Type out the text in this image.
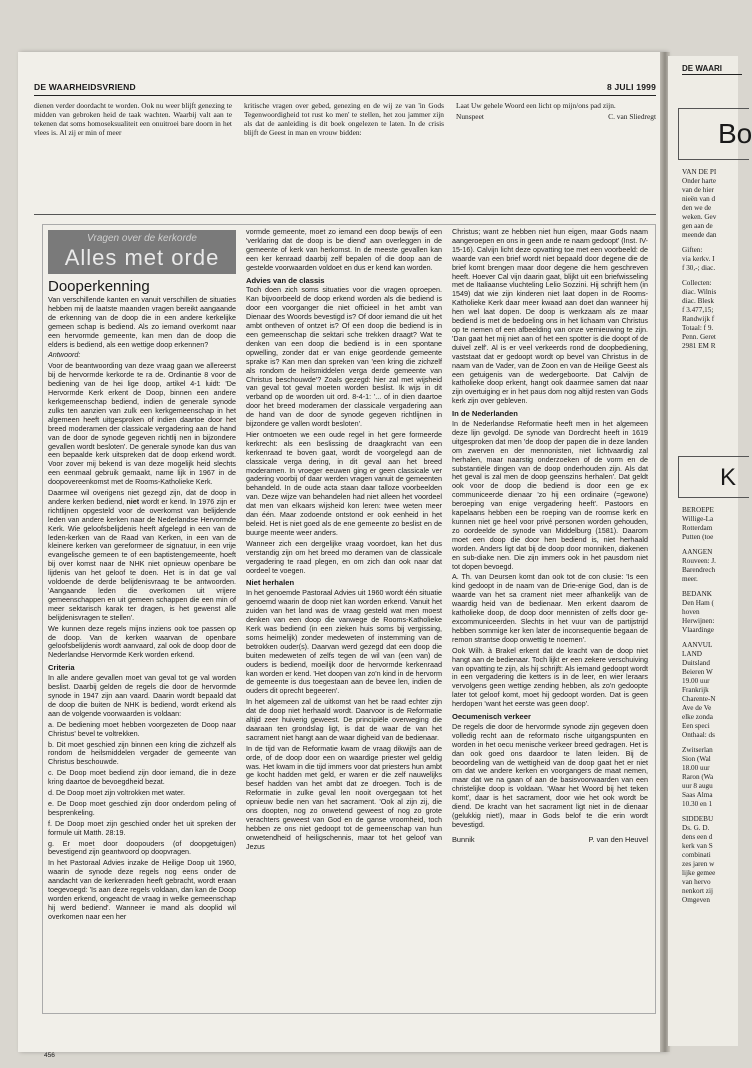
DE WAARHEIDSVRIEND	8 JULI 1999

dienen verder doordacht te worden. Ook nu weer blijft genezing te midden van gebroken heid de taak wachten. Waarbij valt aan te tekenen dat soms homoseksualiteit een onuitroei bare doorn in het vlees is. Al zij er min of meer

kritische vragen over gebed, genezing en de wij ze van 'in Gods Tegenwoordigheid tot rust ko men' te stellen, het zou jammer zijn als dat de aanleiding is dit boek ongelezen te laten. In de crisis blijft de Geest in man en vrouw bidden:

Laat Uw gehele Woord een licht op mijn/ons pad zijn.

Nunspeet	C. van Sliedregt
Vragen over de kerkorde
Alles met orde
Dooperkenning

Van verschillende kanten en vanuit verschillen de situaties hebben mij de laatste maanden vragen bereikt aangaande de erkenning van de doop die in een andere kerkelijke gemeen schap is bediend. Als zo iemand overkomt naar een hervormde gemeente, kan men dan de doop die elders is bediend, als een wettige doop erkennen?

Antwoord:

Voor de beantwoording van deze vraag gaan we allereerst bij de hervormde kerkorde te ra de. Ordinantie 8 voor de bediening van de hei lige doop, artikel 4-1 luidt: 'De Hervormde Kerk erkent de Doop, binnen een andere kerkgemeenschap bediend, indien de generale synode zulks ten aanzien van zulk een kerkgemeenschap in het algemeen heeft uitgesproken of indien daartoe door het breed moderamen der classicale vergadering aan de hand van de door de synode gegeven richtlij nen in bijzondere gevallen wordt besloten'. De generale synode kan dus van een bepaalde kerk uitspreken dat de doop erkend wordt. Voor zover mij bekend is van deze mogelijk heid slechts een eenmaal gebruik gemaakt, name lijk in 1967 in de doopovereenkomst met de Rooms-Katholieke Kerk.

Daarmee wil overigens niet gezegd zijn, dat de doop in andere kerken bediend, niet wordt er kend. In 1976 zijn er richtlijnen opgesteld voor de overkomst van belijdende leden van andere kerken naar de Nederlandse Hervormde Kerk. Wie geloofsbelijdenis heeft afgelegd in een van de leden-kerken van de Raad van Kerken, in een van de kleinere kerken van gereformeer de signatuur, in een vrije evangelische gemeen te of een baptistengemeente, hoeft bij over komst naar de NHK niet opnieuw openbare be lijdenis van het geloof te doen. Het is in dat ge val voldoende de derde belijdenisvraag te be antwoorden. 'Aangaande leden die overkomen uit vrijere gemeenschappen en uit gemeen schappen die een min of meer sektarisch karak ter dragen, is het gewenst alle belijdenisvragen te stellen'.

We kunnen deze regels mijns inziens ook toe passen op de doop. Van de kerken waarvan de openbare geloofsbelijdenis wordt aanvaard, zal ook de doop door de Nederlandse Hervormde Kerk worden erkend.

Criteria

In alle andere gevallen moet van geval tot ge val worden beslist. Daarbij gelden de regels die door de hervormde synode in 1947 zijn aan vaard. Daarin wordt bepaald dat de doop die buiten de NHK is bediend, wordt erkend als aan de volgende voorwaarden is voldaan:

a. De bediening moet hebben voorgezeten de Doop naar Christus' bevel te voltrekken.

b. Dit moet geschied zijn binnen een kring die zichzelf als rondom de heilsmiddelen vergader de gemeente van Christus beschouwde.

c. De Doop moet bediend zijn door iemand, die in deze kring daartoe de bevoegdheid bezat.

d. De Doop moet zijn voltrokken met water.

e. De Doop moet geschied zijn door onderdom peling of besprenkeling.

f. De Doop moet zijn geschied onder het uit spreken der formule uit Matth. 28:19.

g. Er moet door doopouders (of doopgetuigen) bevestigend zijn geantwoord op doopvragen.

In het Pastoraal Advies inzake de Heilige Doop uit 1960, waarin de synode deze regels nog eens onder de aandacht van de kerkenraden heeft gebracht, wordt eraan toegevoegd: 'Is aan deze regels voldaan, dan kan de Doop worden erkend, ongeacht de vraag in welke gemeenschap hij werd bediend'. Wanneer ie mand als dooplid wil overkomen naar een her

vormde gemeente, moet zo iemand een doop bewijs of een 'verklaring dat de doop is be diend' aan overleggen in de gemeente of kerk van herkomst. In de meeste gevallen kan een ker kenraad daarbij zelf bepalen of die doop aan de gestelde voorwaarden voldoet en dus er kend kan worden.

Advies van de classis

Toch doen zich soms situaties voor die vragen oproepen. Kan bijvoorbeeld de doop erkend worden als die bediend is door een voorganger die niet officieel in het ambt van Dienaar des Woords bevestigd is? Of door iemand die uit het ambt ontheven of ontzet is? Of een doop die bediend is in een gemeenschap die sektari sche trekken draagt? Wat te denken van een doop die bediend is in een spontane opwelling, zonder dat er van enige geordende gemeente sprake is? Kan men dan spreken van 'een kring die zichzelf als rondom de heilsmiddelen verga derde gemeente van Christus beschouwde'? Zoals gezegd: hier zal met wijsheid van geval tot geval moeten worden beslist. Ik wijs in dit verband op de woorden uit ord. 8-4-1: '... of in dien daartoe door het breed moderamen der classicale vergadering aan de hand van de door de synode gegeven richtlijnen in bijzondere ge vallen wordt besloten'.

Hier ontmoeten we een oude regel in het gere formeerde kerkrecht: als een beslissing de draagkracht van een kerkenraad te boven gaat, wordt de voorgelegd aan de classicale verga dering, in dit geval aan het breed moderamen. In vroeger eeuwen ging er geen classicale ver gadering voorbij of daar werden vragen vanuit de gemeenten behandeld. In de oude acta staan daar talloze voorbeelden van. Deze wijze van behandelen had niet alleen het voordeel dat men van elkaars wijsheid kon leren: twee weten meer dan één. Maar zodoende ontstond er ook eenheid in het beleid. Het is niet goed als de ene gemeente zo beslist en de buurge meente weer anders.

Wanneer zich een dergelijke vraag voordoet, kan het dus verstandig zijn om het breed mo deramen van de classicale vergadering te raad plegen, en om zich dan ook naar dat oordeel te voegen.

Niet herhalen

In het genoemde Pastoraal Advies uit 1960 wordt één situatie genoemd waarin de doop niet kan worden erkend. Vanuit het zuiden van het land was de vraag gesteld wat men moest denken van een doop die vanwege de Rooms-Katholieke Kerk was bediend (in een zieken huis soms bij vergissing, soms heimelijk) zonder medeweten of instemming van de betrokken ouder(s). Daarvan werd gezegd dat een doop die buiten medeweten of zelfs tegen de wil van (een van) de ouders is bediend, moeilijk door de hervormde kerkenraad kan worden er kend. 'Het doopen van zo'n kind in de hervorm de gemeente is dus toegestaan aan de bevee len, indien de ouders dit oprecht begeeren'.

In het algemeen zal de uitkomst van het be raad echter zijn dat de doop niet herhaald wordt. Daarvoor is de Reformatie altijd zeer huiverig geweest. De principiële overweging die daaraan ten grondslag ligt, is dat de waar de van het sacrament niet hangt aan de waar digheid van de bedienaar.

In de tijd van de Reformatie kwam de vraag dikwijls aan de orde, of de doop door een on waardige priester wel geldig was. Het kwam in die tijd immers voor dat priesters hun ambt ge kocht hadden met geld, er waren er die zelf nauwelijks besef hadden van het ambt dat ze droegen. Toch is de Reformatie in zulke geval len nooit overgegaan tot het opnieuw bedie nen van het sacrament. 'Ook al zijn zij, die ons doopten, nog zo onwetend geweest of nog zo grote verachters geweest van God en de ganse vroomheid, toch hebben ze ons niet gedoopt tot de gemeenschap van hun onwetendheid of heiligschennis, maar tot het geloof van Jezus

Christus; want ze hebben niet hun eigen, maar Gods naam aangeroepen en ons in geen ande re naam gedoopt' (Inst. IV-15-16). Calvijn licht deze opvatting toe met een voorbeeld: de waarde van een brief wordt niet bepaald door degene die de brief komt brengen maar door degene die hem geschreven heeft. Hoever Cal vijn daarin gaat, blijkt uit een briefwisseling met de Italiaanse vluchteling Lelio Sozzini. Hij schrijft hem (in 1549) dat wie zijn kinderen niet laat dopen in de Rooms-Katholieke Kerk daar meer kwaad aan doet dan wanneer hij hen wel laat dopen. De doop is werkzaam als ze maar bediend is met de bedoeling ons in het lichaam van Christus op te nemen of een afbeelding van onze vernieuwing te zijn. 'Dan gaat het mij niet aan of het een spotter is die doopt of de duivel zelf'. Al is er veel verkeerds rond de doopbediening, vaststaat dat er gedoopt wordt op bevel van Christus in de naam van de Vader, van de Zoon en van de Heilige Geest als een getuigenis van de wedergeboorte. Dat Calvijn de katholieke doop erkent, hangt ook daarmee samen dat naar zijn overtuiging er in het paus dom nog altijd resten van Gods kerk zijn over gebleven.

In de Nederlanden

In de Nederlandse Reformatie heeft men in het algemeen deze lijn gevolgd. De synode van Dordrecht heeft in 1619 uitgesproken dat men 'de doop der papen die in deze landen om zwerven en der mennonisten, niet lichtvaardig zal herhalen, maar naarstig onderzoeken of de vorm en de substantiële dingen van de doop onderhouden zijn. Als dat het geval is zal men de doop geenszins herhalen'. Dat geldt ook voor de doop die bediend is door een ge ex communiceerde dienaar 'zo hij een ordinaire (=gewone) beroeping van enige vergadering heeft'. Pastoors en kapelaans hebben een be roeping van de roomse kerk en kunnen niet ge heel voor privé personen worden gehouden, zo oordeelde de synode van Middelburg (1581). Daarom moet een doop die door hen bediend is, niet herhaald worden. Anders ligt dat bij de doop door monniken, diakenen en sub-diake nen. Die zijn immers ook in het pausdom niet tot dopen bevoegd.

A. Th. van Deursen komt dan ook tot de con clusie: 'Is een kind gedoopt in de naam van de Drie-enige God, dan is de waarde van het sa crament niet meer afhankelijk van de waardig heid van de bedienaar. Men erkent daarom de katholieke doop, de doop door mennisten of zelfs door ge-excommuniceerden. Slechts in het vuur van de partijstrijd hebben sommige ker ken later de inconsequentie begaan de remon strantse doop onwettig te noemen'.

Ook Wilh. à Brakel erkent dat de kracht van de doop niet hangt aan de bedienaar. Toch lijkt er een zekere verschuiving van opvatting te zijn, als hij schrijft: Als iemand gedoopt wordt in een vergadering die ketters is in de leer, en wier leraars vervolgens geen wettige zending hebben, als zo'n gedoopte later tot geloof komt, moet hij gedoopt worden. Dat is geen herdopen 'want het eerste was geen doop'.

Oecumenisch verkeer

De regels die door de hervormde synode zijn gegeven doen volledig recht aan de reformato rische uitgangspunten en worden in het oecu menische verkeer breed gedragen. Het is dan ook goed ons daardoor te laten leiden. Bij de beoordeling van de wettigheid van de doop gaat het er niet om dat we andere kerken en voorgangers de maat nemen, maar dat we na gaan of aan de basisvoorwaarden van een christelijke doop is voldaan. 'Waar het Woord bij het teken komt', daar is het sacrament, door wie het ook wordt be diend. De kracht van het sacrament ligt niet in de dienaar (gelukkig niet!), maar in Gods belof te die erin wordt bevestigd.

Bunnik	P. van den Heuvel
456
DE WAARI
Bo
VAN DE PI
Onder harte
van de hier
nieën van d
den we de
weken. Gev
gen aan de
meende dan
Giften:
via kerkv. I
f 30,-; diac.
Collecten:
diac. Wilnis
diac. Blesk
f 3.477,15;
Randwijk f
Totaal: f 9.
Penn. Geret
2981 EM R
K
BEROEPE
Willige-La
Rotterdam
Putten (toe
AANGEN
Rouveen: J.
Barendrech
meer.
BEDANK
Den Ham (
hoven
Herwijnen:
Vlaardinge
AANVUL
LAND
Duitsland
Beieren W
19.00 uur
Frankrijk
Charente-N
Ave de Ve
elke zonda
Een speci
Onthaal: ds
Zwitserlan
Sion (Wal
18.00 uur
Raron (Wa
uur 8 augu
Saas Alma
10.30 en 1
SIDDEBU
Ds. G. D.
dens een d
kerk van S
combinati
zes jaren w
lijke gemee
van hervo
nenkort zij
Omgeven
